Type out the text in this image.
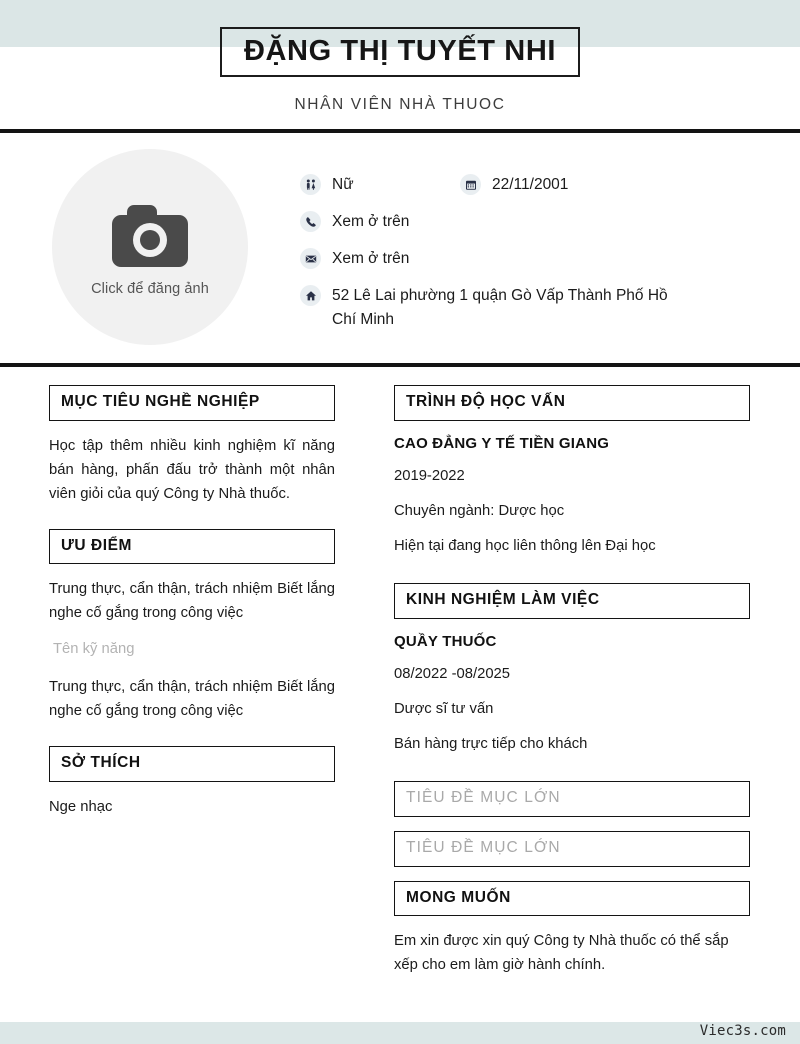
ĐẶNG THỊ TUYẾT NHI
NHÂN VIÊN NHÀ THUOC
Click để đăng ảnh
Nữ	22/11/2001
Xem ở trên
Xem ở trên
52 Lê Lai phường 1 quận Gò Vấp Thành Phố Hồ Chí Minh
MỤC TIÊU NGHỀ NGHIỆP
Học tập thêm nhiều kinh nghiệm kĩ năng bán hàng, phấn đấu trở thành một nhân viên giỏi của quý Công ty Nhà thuốc.
ƯU ĐIỂM
Trung thực, cẩn thận, trách nhiệm Biết lắng nghe cố gắng trong công việc
Tên kỹ năng
Trung thực, cẩn thận, trách nhiệm Biết lắng nghe cố gắng trong công việc
SỞ THÍCH
Nge nhạc
TRÌNH ĐỘ HỌC VẤN
CAO ĐẲNG Y TẾ TIỀN GIANG
2019-2022
Chuyên ngành: Dược học
Hiện tại đang học liên thông lên Đại học
KINH NGHIỆM LÀM VIỆC
QUẦY THUỐC
08/2022 -08/2025
Dược sĩ tư vấn
Bán hàng trực tiếp cho khách
TIÊU ĐỀ MỤC LỚN
TIÊU ĐỀ MỤC LỚN
MONG MUỐN
Em xin được xin quý Công ty Nhà thuốc có thể sắp xếp cho em làm giờ hành chính.
Viec3s.com
